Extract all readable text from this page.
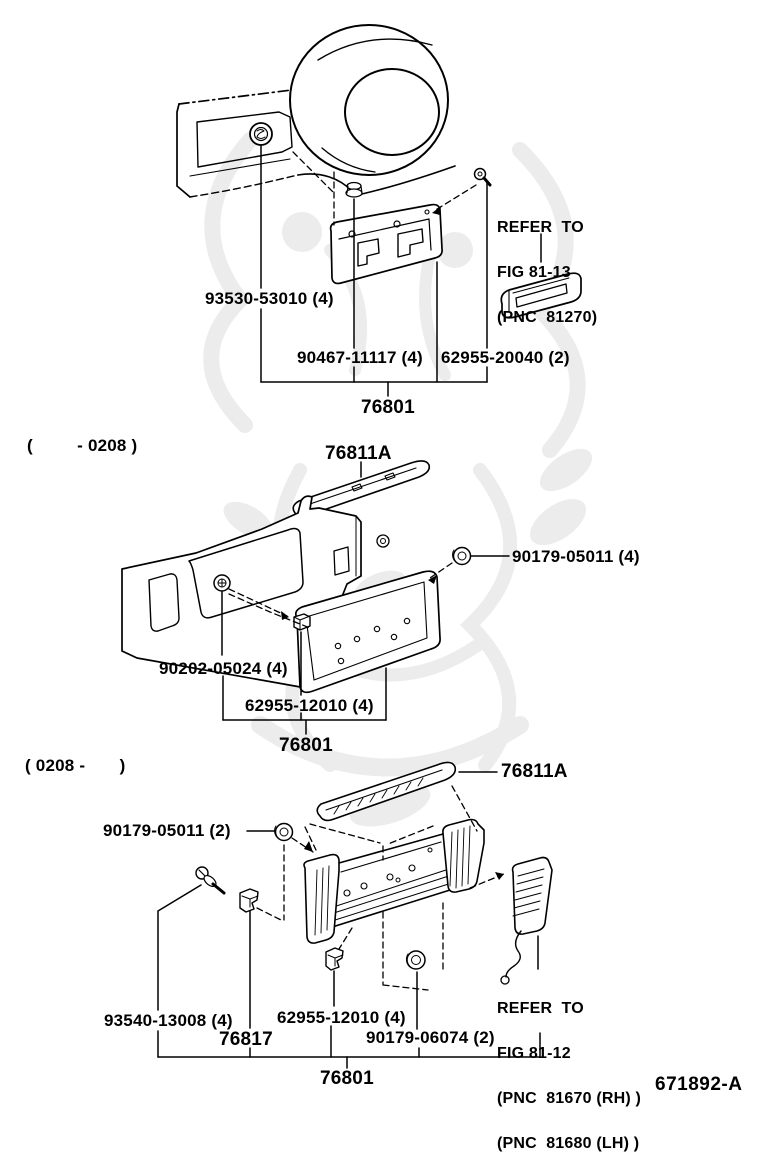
93530-53010 (4)
90467-11117 (4) 62955-20040 (2)
76801

REFER  TO

FIG 81-13

(PNC  81270)

(         - 0208 )	76811A
90179-05011 (4)
90202-05024 (4)
62955-12010 (4)
76801
( 0208 -       )	76811A
90179-05011 (2)
93540-13008 (4)
76817
62955-12010 (4)
90179-06074 (2)
76801

REFER  TO

FIG 81-12

(PNC  81670 (RH) )

(PNC  81680 (LH) )

671892-A
